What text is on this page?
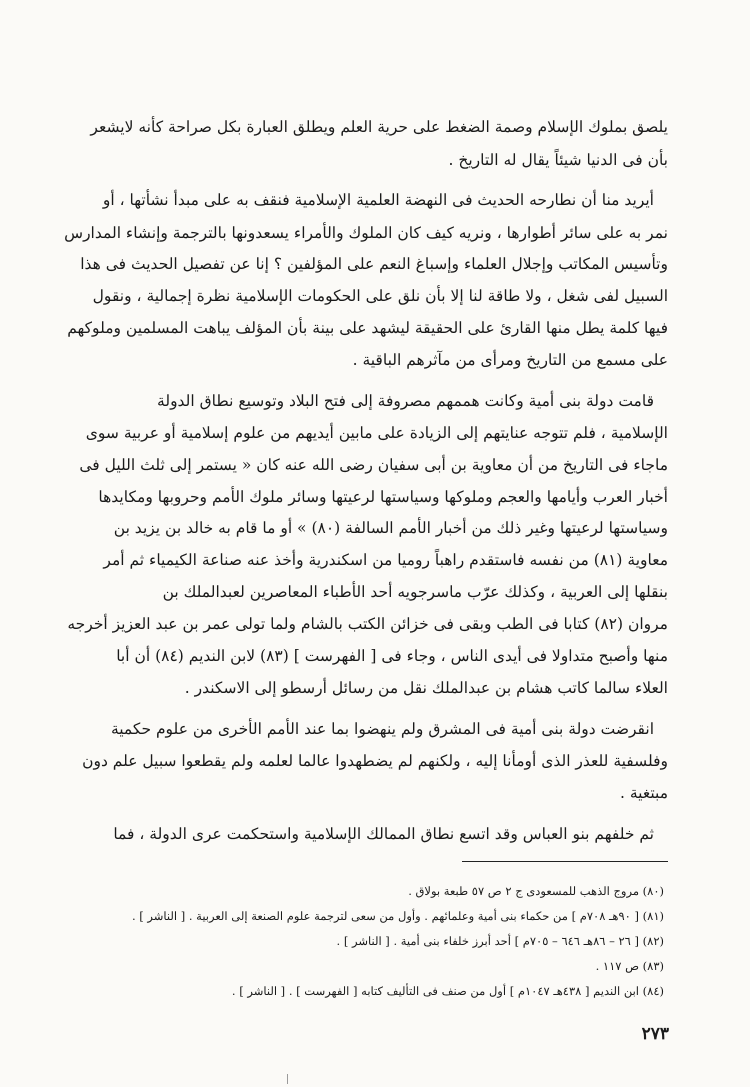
يلصق بملوك الإسلام وصمة الضغط على حرية العلم ويطلق العبارة بكل صراحة كأنه لايشعر
بأن فى الدنيا شيئاً يقال له التاريخ .
أيريد منا أن نطارحه الحديث فى النهضة العلمية الإسلامية فنقف به على مبدأ نشأتها ، أو
نمر به على سائر أطوارها ، ونريه كيف كان الملوك والأمراء يسعدونها بالترجمة وإنشاء المدارس
وتأسيس المكاتب وإجلال العلماء وإسباغ النعم على المؤلفين ؟ إنا عن تفصيل الحديث فى هذا
السبيل لفى شغل ، ولا طاقة لنا إلا بأن نلق على الحكومات الإسلامية نظرة إجمالية ، ونقول
فيها كلمة يطل منها القارئ على الحقيقة ليشهد على بينة بأن المؤلف يباهت المسلمين وملوكهم
على مسمع من التاريخ ومرأى من مآثرهم الباقية .
قامت دولة بنى أمية وكانت هممهم مصروفة إلى فتح البلاد وتوسيع نطاق الدولة
الإسلامية ، فلم تتوجه عنايتهم إلى الزيادة على مابين أيديهم من علوم إسلامية أو عربية سوى
ماجاء فى التاريخ من أن معاوية بن أبى سفيان رضى الله عنه كان « يستمر إلى ثلث الليل فى
أخبار العرب وأيامها والعجم وملوكها وسياستها لرعيتها وسائر ملوك الأمم وحروبها ومكايدها
وسياستها لرعيتها وغير ذلك من أخبار الأمم السالفة (٨٠) » أو ما قام به خالد بن يزيد بن
معاوية (٨١) من نفسه فاستقدم راهباً روميا من اسكندرية وأخذ عنه صناعة الكيمياء ثم أمر
بنقلها إلى العربية ، وكذلك عرّب ماسرجويه أحد الأطباء المعاصرين لعبدالملك بن
مروان (٨٢) كتابا فى الطب وبقى فى خزائن الكتب بالشام ولما تولى عمر بن عبد العزيز أخرجه
منها وأصبح متداولا فى أيدى الناس ، وجاء فى [ الفهرست ] (٨٣) لابن النديم (٨٤) أن أبا
العلاء سالما كاتب هشام بن عبدالملك نقل من رسائل أرسطو إلى الاسكندر .
انقرضت دولة بنى أمية فى المشرق ولم ينهضوا بما عند الأمم الأخرى من علوم حكمية
وفلسفية للعذر الذى أومأنا إليه ، ولكنهم لم يضطهدوا عالما لعلمه ولم يقطعوا سبيل علم دون
مبتغية .
ثم خلفهم بنو العباس وقد اتسع نطاق الممالك الإسلامية واستحكمت عرى الدولة ، فما
(٨٠) مروج الذهب للمسعودى ج ٢ ص ٥٧ طبعة بولاق .
(٨١) [ ٩٠هـ ٧٠٨م ] من حكماء بنى أمية وعلمائهم . وأول من سعى لترجمة علوم الصنعة إلى العربية . [ الناشر ] .
(٨٢) [ ٢٦ – ٨٦هـ ٦٤٦ – ٧٠٥م ] أحد أبرز خلفاء بنى أمية . [ الناشر ] .
(٨٣) ص ١١٧ .
(٨٤) ابن النديم [ ٤٣٨هـ ١٠٤٧م ] أول من صنف فى التأليف كتابه [ الفهرست ] . [ الناشر ] .
٢٧٣
